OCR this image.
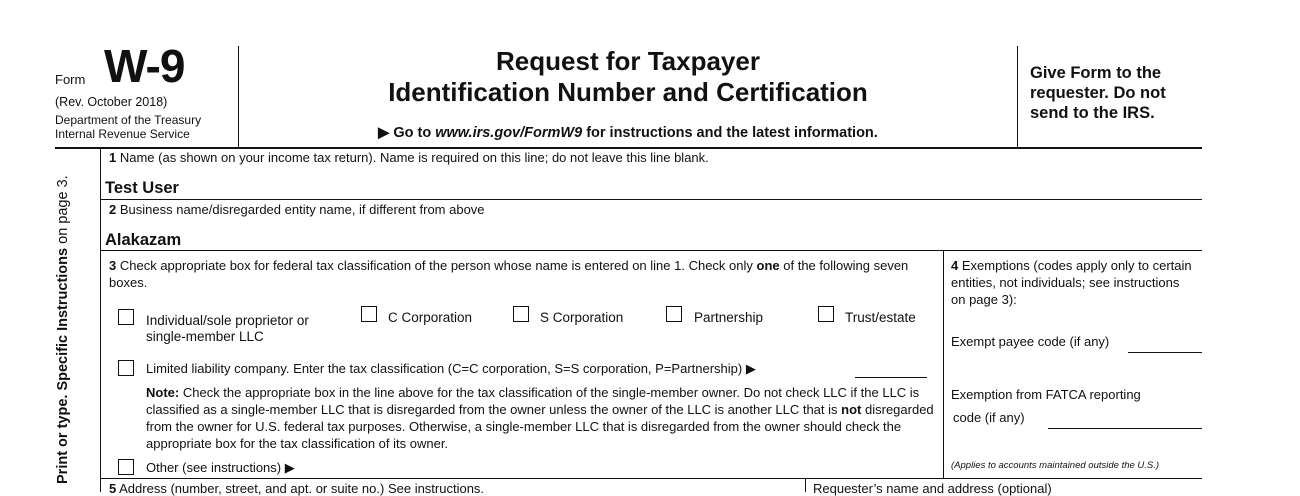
Form W-9
(Rev. October 2018)
Department of the Treasury
Internal Revenue Service
Request for Taxpayer
Identification Number and Certification
▶ Go to www.irs.gov/FormW9 for instructions and the latest information.
Give Form to the requester. Do not send to the IRS.
Print or type. Specific Instructions on page 3.
1 Name (as shown on your income tax return). Name is required on this line; do not leave this line blank.
Test User
2 Business name/disregarded entity name, if different from above
Alakazam
3 Check appropriate box for federal tax classification of the person whose name is entered on line 1. Check only one of the following seven boxes.
Individual/sole proprietor or single-member LLC
C Corporation	S Corporation	Partnership	Trust/estate
Limited liability company. Enter the tax classification (C=C corporation, S=S corporation, P=Partnership) ▶
Note: Check the appropriate box in the line above for the tax classification of the single-member owner. Do not check LLC if the LLC is classified as a single-member LLC that is disregarded from the owner unless the owner of the LLC is another LLC that is not disregarded from the owner for U.S. federal tax purposes. Otherwise, a single-member LLC that is disregarded from the owner should check the appropriate box for the tax classification of its owner.
Other (see instructions) ▶
4 Exemptions (codes apply only to certain entities, not individuals; see instructions on page 3):
Exempt payee code (if any)
Exemption from FATCA reporting
code (if any)
(Applies to accounts maintained outside the U.S.)
5 Address (number, street, and apt. or suite no.) See instructions.	Requester’s name and address (optional)
